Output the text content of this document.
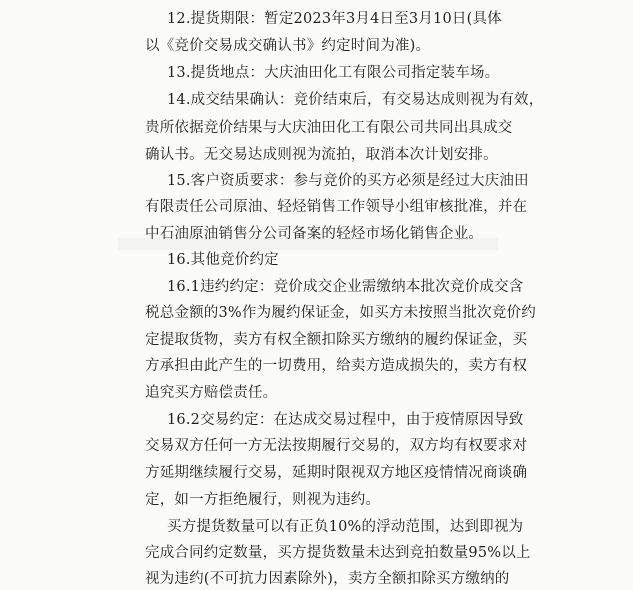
12.提货期限：暂定2023年3月4日至3月10日(具体
以《竞价交易成交确认书》约定时间为准)。
13.提货地点：大庆油田化工有限公司指定装车场。
14.成交结果确认：竞价结束后，有交易达成则视为有效，
贵所依据竞价结果与大庆油田化工有限公司共同出具成交
确认书。无交易达成则视为流拍，取消本次计划安排。
15.客户资质要求：参与竞价的买方必须是经过大庆油田
有限责任公司原油、轻烃销售工作领导小组审核批准，并在
中石油原油销售分公司备案的轻烃市场化销售企业。
16.其他竞价约定
16.1违约约定：竞价成交企业需缴纳本批次竞价成交含
税总金额的3%作为履约保证金，如买方未按照当批次竞价约
定提取货物，卖方有权全额扣除买方缴纳的履约保证金，买
方承担由此产生的一切费用，给卖方造成损失的，卖方有权
追究买方赔偿责任。
16.2交易约定：在达成交易过程中，由于疫情原因导致
交易双方任何一方无法按期履行交易的，双方均有权要求对
方延期继续履行交易，延期时限视双方地区疫情情况商谈确
定，如一方拒绝履行，则视为违约。
买方提货数量可以有正负10%的浮动范围，达到即视为
完成合同约定数量，买方提货数量未达到竞拍数量95%以上
视为违约(不可抗力因素除外)，卖方全额扣除买方缴纳的
